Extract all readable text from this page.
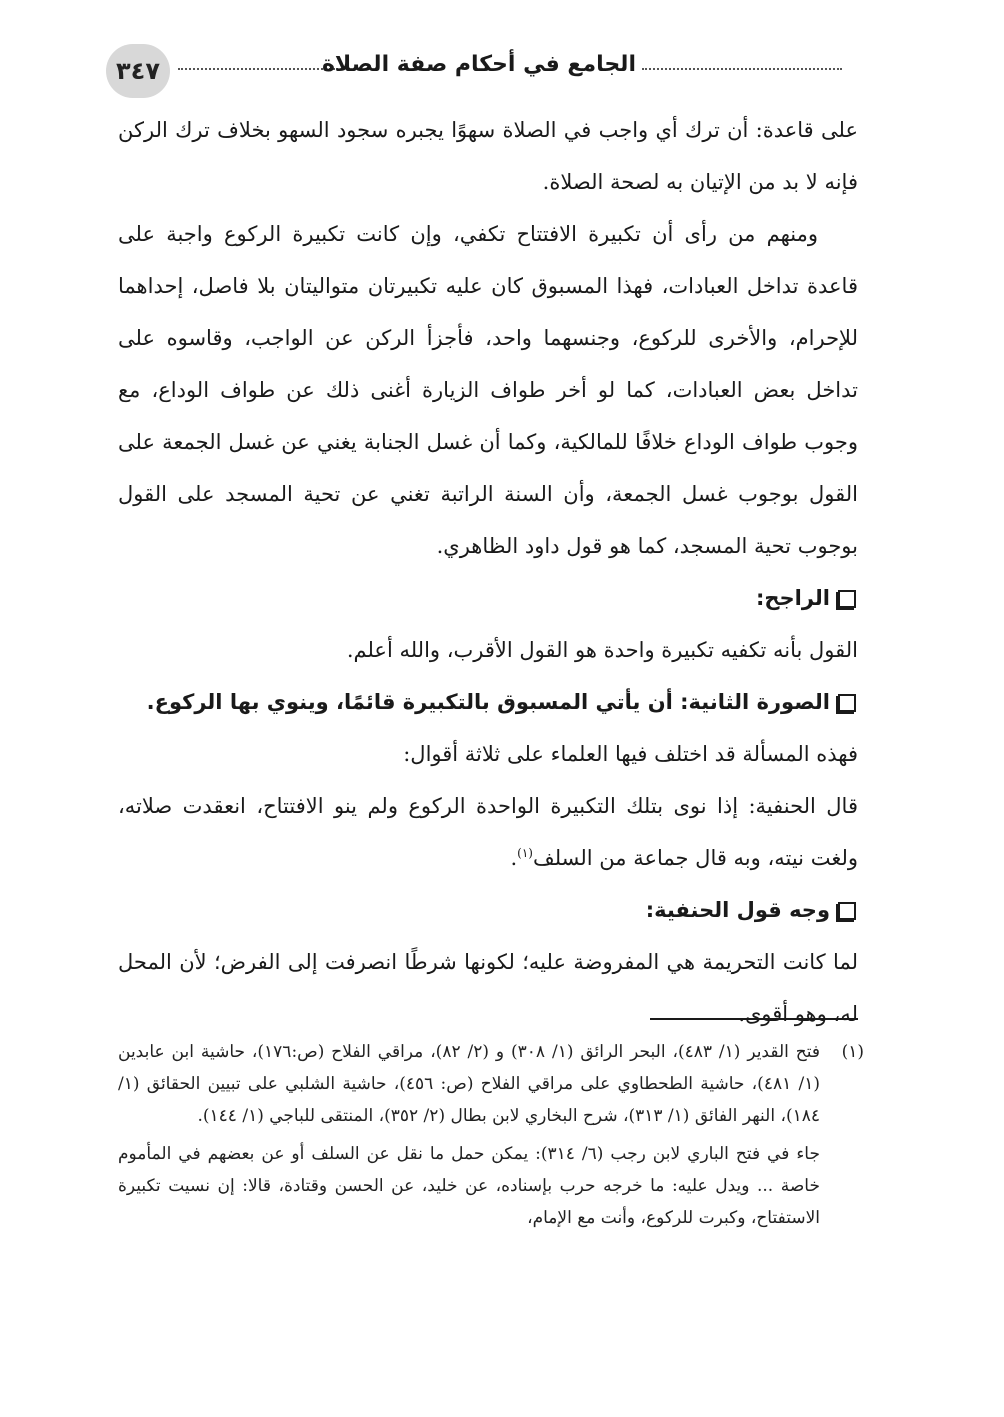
٣٤٧	الجامع في أحكام صفة الصلاة

على قاعدة: أن ترك أي واجب في الصلاة سهوًا يجبره سجود السهو بخلاف ترك الركن فإنه لا بد من الإتيان به لصحة الصلاة.

ومنهم من رأى أن تكبيرة الافتتاح تكفي، وإن كانت تكبيرة الركوع واجبة على قاعدة تداخل العبادات، فهذا المسبوق كان عليه تكبيرتان متواليتان بلا فاصل، إحداهما للإحرام، والأخرى للركوع، وجنسهما واحد، فأجزأ الركن عن الواجب، وقاسوه على تداخل بعض العبادات، كما لو أخر طواف الزيارة أغنى ذلك عن طواف الوداع، مع وجوب طواف الوداع خلافًا للمالكية، وكما أن غسل الجنابة يغني عن غسل الجمعة على القول بوجوب غسل الجمعة، وأن السنة الراتبة تغني عن تحية المسجد على القول بوجوب تحية المسجد، كما هو قول داود الظاهري.

الراجح:

القول بأنه تكفيه تكبيرة واحدة هو القول الأقرب، والله أعلم.

الصورة الثانية: أن يأتي المسبوق بالتكبيرة قائمًا، وينوي بها الركوع.

فهذه المسألة قد اختلف فيها العلماء على ثلاثة أقوال:

قال الحنفية: إذا نوى بتلك التكبيرة الواحدة الركوع ولم ينو الافتتاح، انعقدت صلاته، ولغت نيته، وبه قال جماعة من السلف$^{(١)}$.

وجه قول الحنفية:

لما كانت التحريمة هي المفروضة عليه؛ لكونها شرطًا انصرفت إلى الفرض؛ لأن المحل له، وهو أقوى.

(١)
فتح القدير (١/ ٤٨٣)، البحر الرائق (١/ ٣٠٨) و (٢/ ٨٢)، مراقي الفلاح (ص:١٧٦)، حاشية ابن عابدين (١/ ٤٨١)، حاشية الطحطاوي على مراقي الفلاح (ص: ٤٥٦)، حاشية الشلبي على تبيين الحقائق (١/ ١٨٤)، النهر الفائق (١/ ٣١٣)، شرح البخاري لابن بطال (٢/ ٣٥٢)، المنتقى للباجي (١/ ١٤٤).

جاء في فتح الباري لابن رجب (٦/ ٣١٤): يمكن حمل ما نقل عن السلف أو عن بعضهم في المأموم خاصة ... ويدل عليه: ما خرجه حرب بإسناده، عن خليد، عن الحسن وقتادة، قالا: إن نسيت تكبيرة الاستفتاح، وكبرت للركوع، وأنت مع الإمام،
